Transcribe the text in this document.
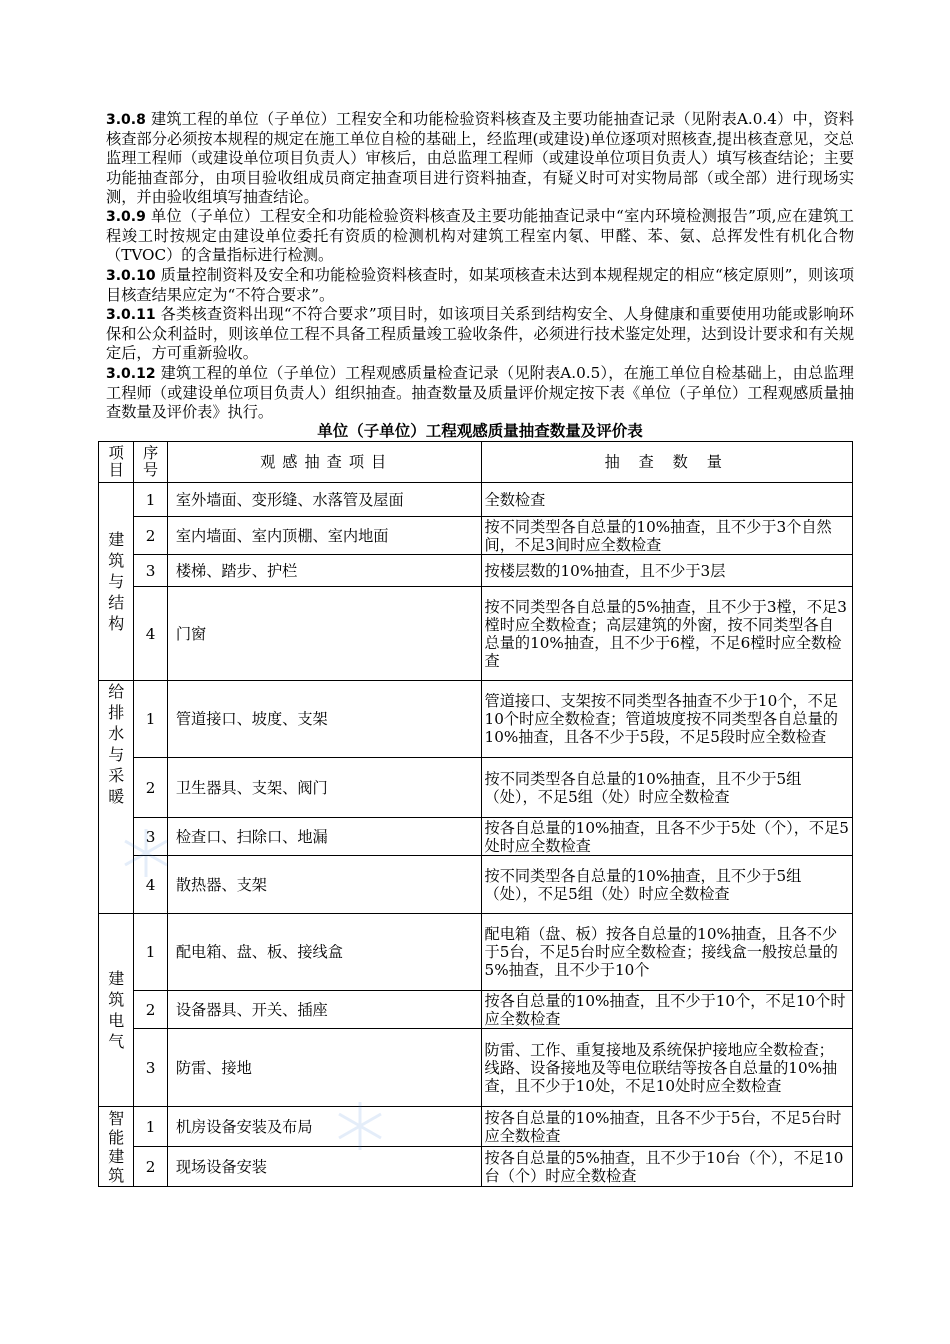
3.0.8 建筑工程的单位（子单位）工程安全和功能检验资料核查及主要功能抽查记录（见附表A.0.4）中，资料核查部分必须按本规程的规定在施工单位自检的基础上，经监理(或建设)单位逐项对照核查,提出核查意见，交总监理工程师（或建设单位项目负责人）审核后，由总监理工程师（或建设单位项目负责人）填写核查结论；主要功能抽查部分，由项目验收组成员商定抽查项目进行资料抽查，有疑义时可对实物局部（或全部）进行现场实测，并由验收组填写抽查结论。

3.0.9 单位（子单位）工程安全和功能检验资料核查及主要功能抽查记录中“室内环境检测报告”项,应在建筑工程竣工时按规定由建设单位委托有资质的检测机构对建筑工程室内氡、甲醛、苯、氨、总挥发性有机化合物（TVOC）的含量指标进行检测。

3.0.10 质量控制资料及安全和功能检验资料核查时，如某项核查未达到本规程规定的相应“核定原则”，则该项目核查结果应定为“不符合要求”。

3.0.11 各类核查资料出现“不符合要求”项目时，如该项目关系到结构安全、人身健康和重要使用功能或影响环保和公众利益时，则该单位工程不具备工程质量竣工验收条件，必须进行技术鉴定处理，达到设计要求和有关规定后，方可重新验收。

3.0.12 建筑工程的单位（子单位）工程观感质量检查记录（见附表A.0.5），在施工单位自检基础上，由总监理工程师（或建设单位项目负责人）组织抽查。抽查数量及质量评价规定按下表《单位（子单位）工程观感质量抽查数量及评价表》执行。

单位（子单位）工程观感质量抽查数量及评价表

项目	序号	观感抽查项目	抽 查 数 量

建筑与结构	1	室外墙面、变形缝、水落管及屋面	全数检查
	2	室内墙面、室内顶棚、室内地面	按不同类型各自总量的10%抽查，且不少于3个自然间，不足3间时应全数检查
	3	楼梯、踏步、护栏	按楼层数的10%抽查，且不少于3层
	4	门窗	按不同类型各自总量的5%抽查，且不少于3樘，不足3樘时应全数检查；高层建筑的外窗，按不同类型各自总量的10%抽查，且不少于6樘，不足6樘时应全数检查

给排水与采暖	1	管道接口、坡度、支架	管道接口、支架按不同类型各抽查不少于10个，不足10个时应全数检查；管道坡度按不同类型各自总量的10%抽查，且各不少于5段，不足5段时应全数检查
	2	卫生器具、支架、阀门	按不同类型各自总量的10%抽查，且不少于5组（处），不足5组（处）时应全数检查
	3	检查口、扫除口、地漏	按各自总量的10%抽查，且各不少于5处（个），不足5处时应全数检查
	4	散热器、支架	按不同类型各自总量的10%抽查，且不少于5组（处），不足5组（处）时应全数检查

建筑电气	1	配电箱、盘、板、接线盒	配电箱（盘、板）按各自总量的10%抽查，且各不少于5台，不足5台时应全数检查；接线盒一般按总量的5%抽查，且不少于10个
	2	设备器具、开关、插座	按各自总量的10%抽查，且不少于10个，不足10个时应全数检查
	3	防雷、接地	防雷、工作、重复接地及系统保护接地应全数检查；线路、设备接地及等电位联结等按各自总量的10%抽查，且不少于10处，不足10处时应全数检查

智能建筑	1	机房设备安装及布局	按各自总量的10%抽查，且各不少于5台，不足5台时应全数检查
	2	现场设备安装	按各自总量的5%抽查，且不少于10台（个），不足10台（个）时应全数检查
